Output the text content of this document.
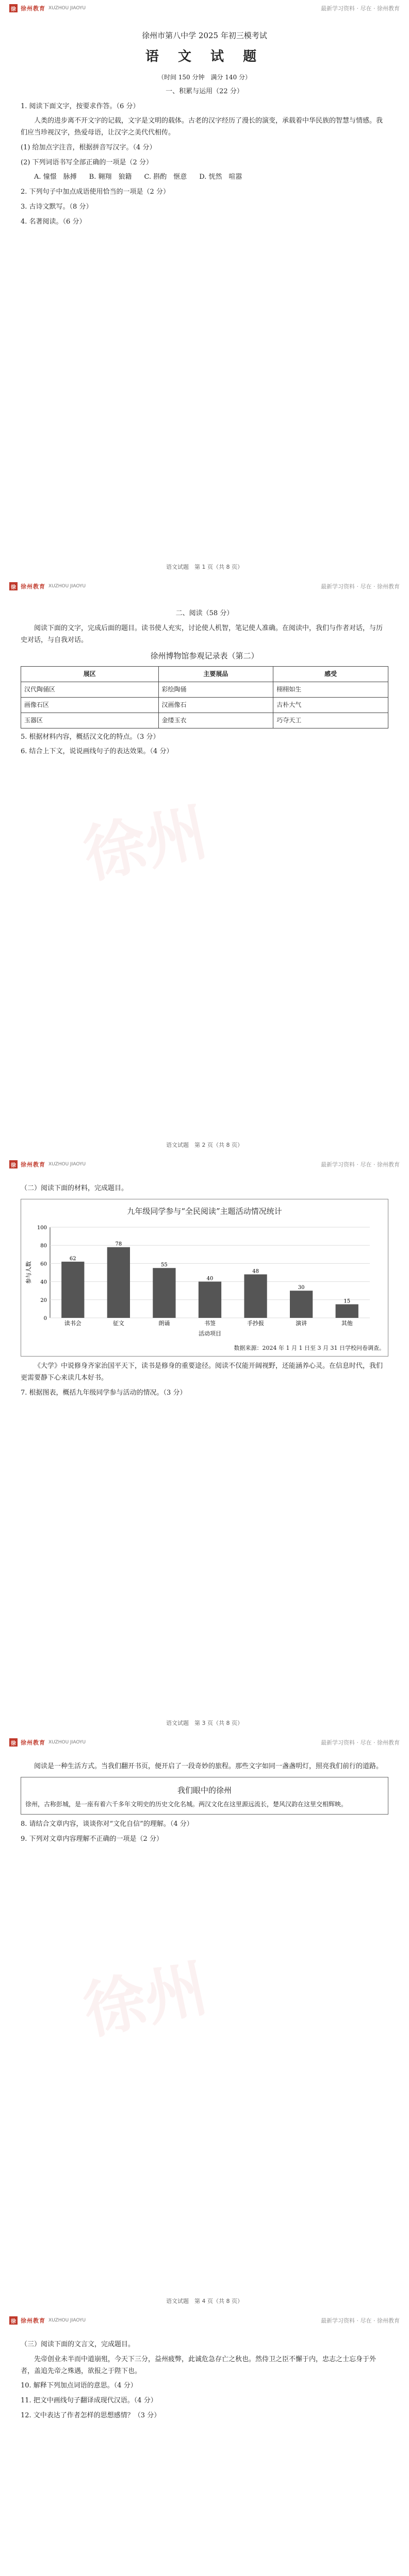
徐 徐州教育 XUZHOU JIAOYU	最新学习资料 · 尽在 · 徐州教育
徐州市第八中学 2025 年初三模考试
语 文 试 题
（时间 150 分钟　满分 140 分）
一、积累与运用（22 分）

1. 阅读下面文字，按要求作答。（6 分）

人类的进步离不开文字的记载，文字是文明的载体。古老的汉字经历了漫长的演变，承载着中华民族的智慧与情感。我们应当珍视汉字，热爱母语，让汉字之美代代相传。

(1) 给加点字注音，根据拼音写汉字。（4 分）

(2) 下列词语书写全部正确的一项是（2 分）

A. 憧憬　脉搏 B. 翱翔　狼籍 C. 斟酌　惬意 D. 恍然　喧嚣

2. 下列句子中加点成语使用恰当的一项是（2 分）

3. 古诗文默写。（8 分）

4. 名著阅读。（6 分）

语文试题　第 1 页（共 8 页）
徐 徐州教育 XUZHOU JIAOYU	最新学习资料 · 尽在 · 徐州教育
徐州
二、阅读（58 分）

阅读下面的文字，完成后面的题目。读书使人充实，讨论使人机智，笔记使人准确。在阅读中，我们与作者对话，与历史对话，与自我对话。

徐州博物馆参观记录表（第二）
展区	主要展品	感受
汉代陶俑区	彩绘陶俑	栩栩如生
画像石区	汉画像石	古朴大气
玉器区	金缕玉衣	巧夺天工

5. 根据材料内容，概括汉文化的特点。（3 分）

6. 结合上下文，说说画线句子的表达效果。（4 分）

语文试题　第 2 页（共 8 页）
徐 徐州教育 XUZHOU JIAOYU	最新学习资料 · 尽在 · 徐州教育

（二）阅读下面的材料，完成题目。

九年级同学参与“全民阅读”主题活动情况统计
0
20
40
60
80
100
62
读书会
78
征文
55
朗诵
40
书签
48
手抄报
30
演讲
15
其他
活动项目
参与人数
数据来源：2024 年 1 月 1 日至 3 月 31 日学校问卷调查。

《大学》中说修身齐家治国平天下，读书是修身的重要途径。阅读不仅能开阔视野，还能涵养心灵。在信息时代，我们更需要静下心来读几本好书。

7. 根据图表，概括九年级同学参与活动的情况。（3 分）

语文试题　第 3 页（共 8 页）
徐 徐州教育 XUZHOU JIAOYU	最新学习资料 · 尽在 · 徐州教育
徐州

阅读是一种生活方式。当我们翻开书页，便开启了一段奇妙的旅程。那些文字如同一盏盏明灯，照亮我们前行的道路。

我们眼中的徐州
徐州，古称彭城，是一座有着六千多年文明史的历史文化名城。两汉文化在这里源远流长，楚风汉韵在这里交相辉映。

8. 请结合文章内容，谈谈你对“文化自信”的理解。（4 分）

9. 下列对文章内容理解不正确的一项是（2 分）

语文试题　第 4 页（共 8 页）
徐 徐州教育 XUZHOU JIAOYU	最新学习资料 · 尽在 · 徐州教育

（三）阅读下面的文言文，完成题目。

先帝创业未半而中道崩殂，今天下三分，益州疲弊，此诚危急存亡之秋也。然侍卫之臣不懈于内，忠志之士忘身于外者，盖追先帝之殊遇，欲报之于陛下也。

10. 解释下列加点词语的意思。（4 分）

11. 把文中画线句子翻译成现代汉语。（4 分）

12. 文中表达了作者怎样的思想感情？（3 分）
